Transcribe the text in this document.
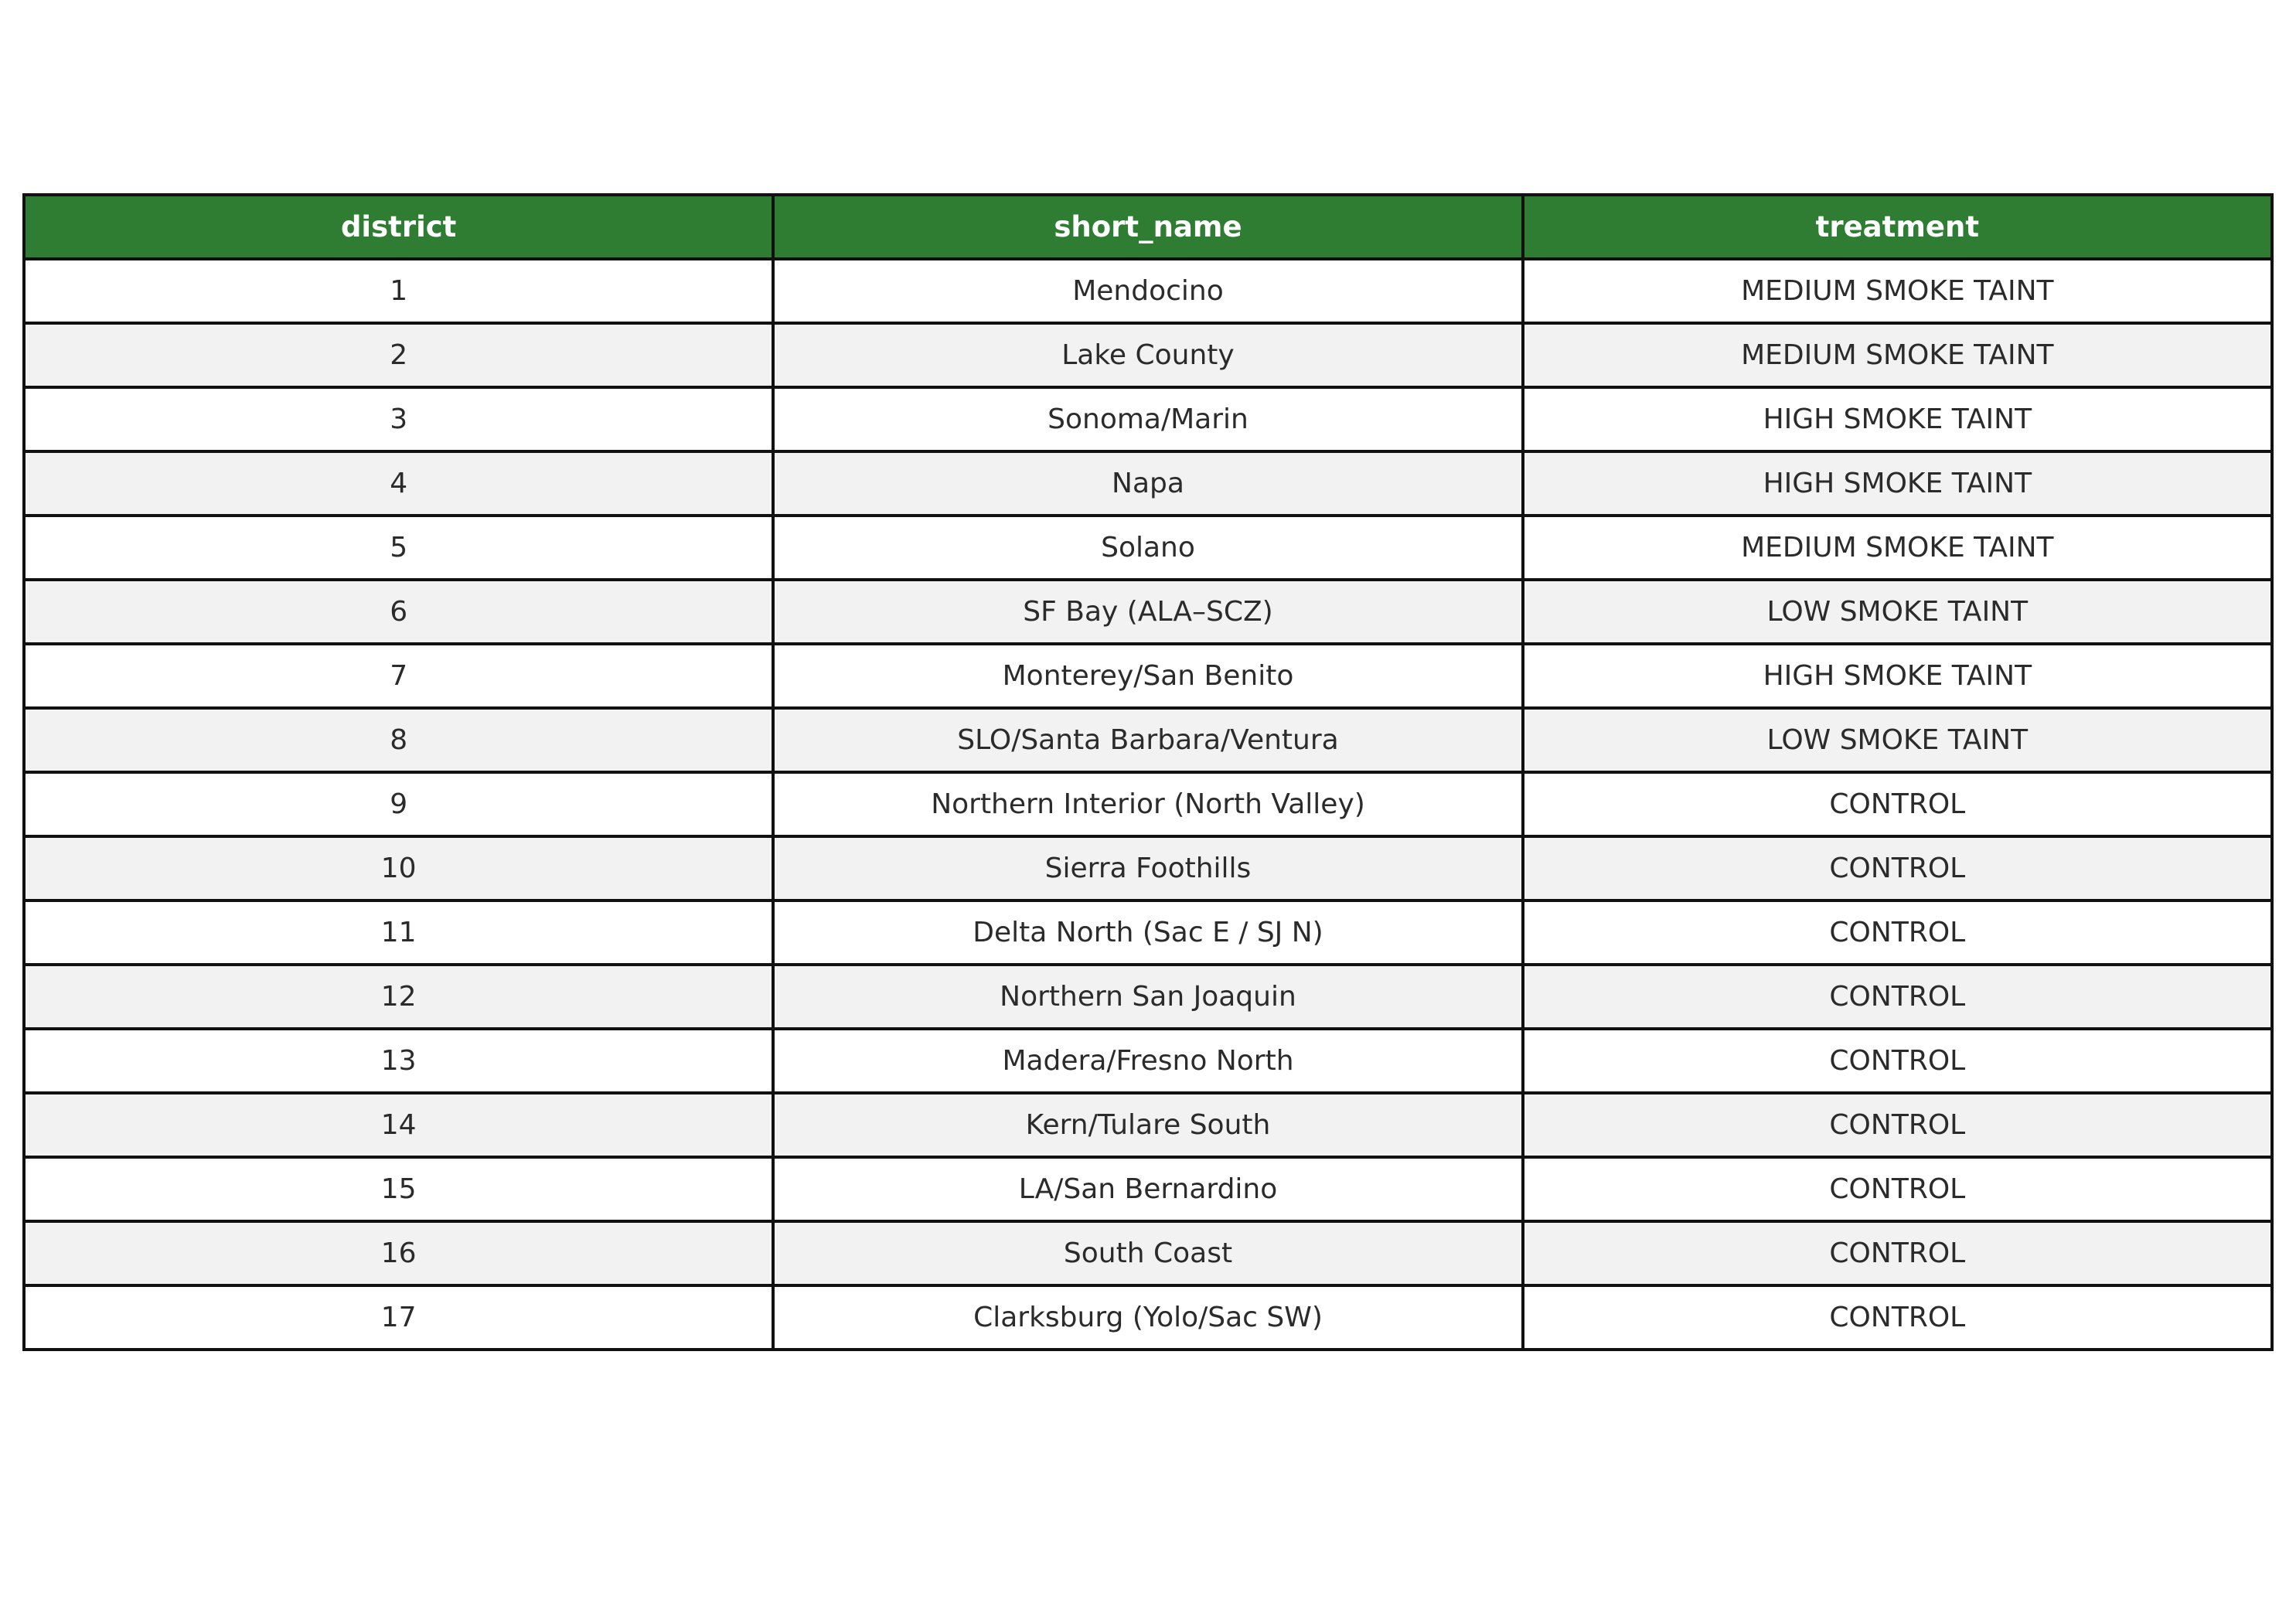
district	short_name	treatment
1	Mendocino	MEDIUM SMOKE TAINT
2	Lake County	MEDIUM SMOKE TAINT
3	Sonoma/Marin	HIGH SMOKE TAINT
4	Napa	HIGH SMOKE TAINT
5	Solano	MEDIUM SMOKE TAINT
6	SF Bay (ALA–SCZ)	LOW SMOKE TAINT
7	Monterey/San Benito	HIGH SMOKE TAINT
8	SLO/Santa Barbara/Ventura	LOW SMOKE TAINT
9	Northern Interior (North Valley)	CONTROL
10	Sierra Foothills	CONTROL
11	Delta North (Sac E / SJ N)	CONTROL
12	Northern San Joaquin	CONTROL
13	Madera/Fresno North	CONTROL
14	Kern/Tulare South	CONTROL
15	LA/San Bernardino	CONTROL
16	South Coast	CONTROL
17	Clarksburg (Yolo/Sac SW)	CONTROL
